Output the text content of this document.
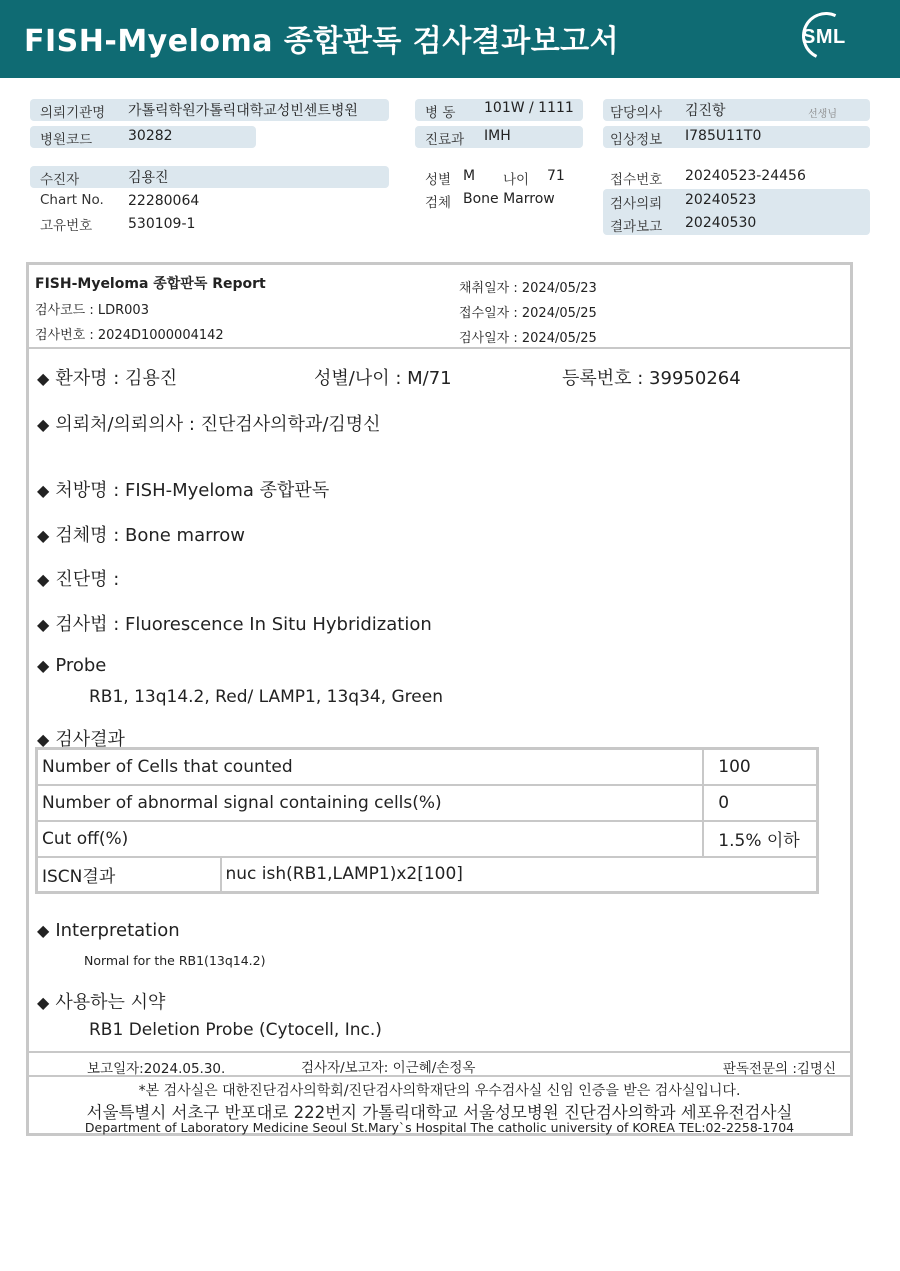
FISH-Myeloma 종합판독 검사결과보고서	SML
의뢰기관명 가톨릭학원가톨릭대학교성빈센트병원
병원코드	30282
병 동 101W / 1111
진료과 IMH
담당의사 김진항	선생님
임상정보 I785U11T0
수진자	김용진
Chart No. 22280064
고유번호	530109-1
성별 M 나이 71
검체 Bone Marrow
접수번호 20240523-24456
검사의뢰 20240523
결과보고 20240530
FISH-Myeloma 종합판독 Report
검사코드 : LDR003
검사번호 : 2024D1000004142
채취일자 : 2024/05/23
접수일자 : 2024/05/25
검사일자 : 2024/05/25
◆ 환자명 : 김용진	성별/나이 : M/71	등록번호 : 39950264
◆ 의뢰처/의뢰의사 : 진단검사의학과/김명신
◆ 처방명 : FISH-Myeloma 종합판독
◆ 검체명 : Bone marrow
◆ 진단명 :
◆ 검사법 : Fluorescence In Situ Hybridization
◆ Probe
RB1, 13q14.2, Red/ LAMP1, 13q34, Green
◆ 검사결과
Number of Cells that counted		100
Number of abnormal signal containing cells(%)		0
Cut off(%)		1.5% 이하
ISCN결과	nuc ish(RB1,LAMP1)x2[100]	
◆ Interpretation
Normal for the RB1(13q14.2)
◆ 사용하는 시약
RB1 Deletion Probe (Cytocell, Inc.)
보고일자:2024.05.30.	검사자/보고자: 이근혜/손정옥	판독전문의 :김명신
*본 검사실은 대한진단검사의학회/진단검사의학재단의 우수검사실 신임 인증을 받은 검사실입니다.
서울특별시 서초구 반포대로 222번지 가톨릭대학교 서울성모병원 진단검사의학과 세포유전검사실
Department of Laboratory Medicine Seoul St.Mary`s Hospital The catholic university of KOREA TEL:02-2258-1704
